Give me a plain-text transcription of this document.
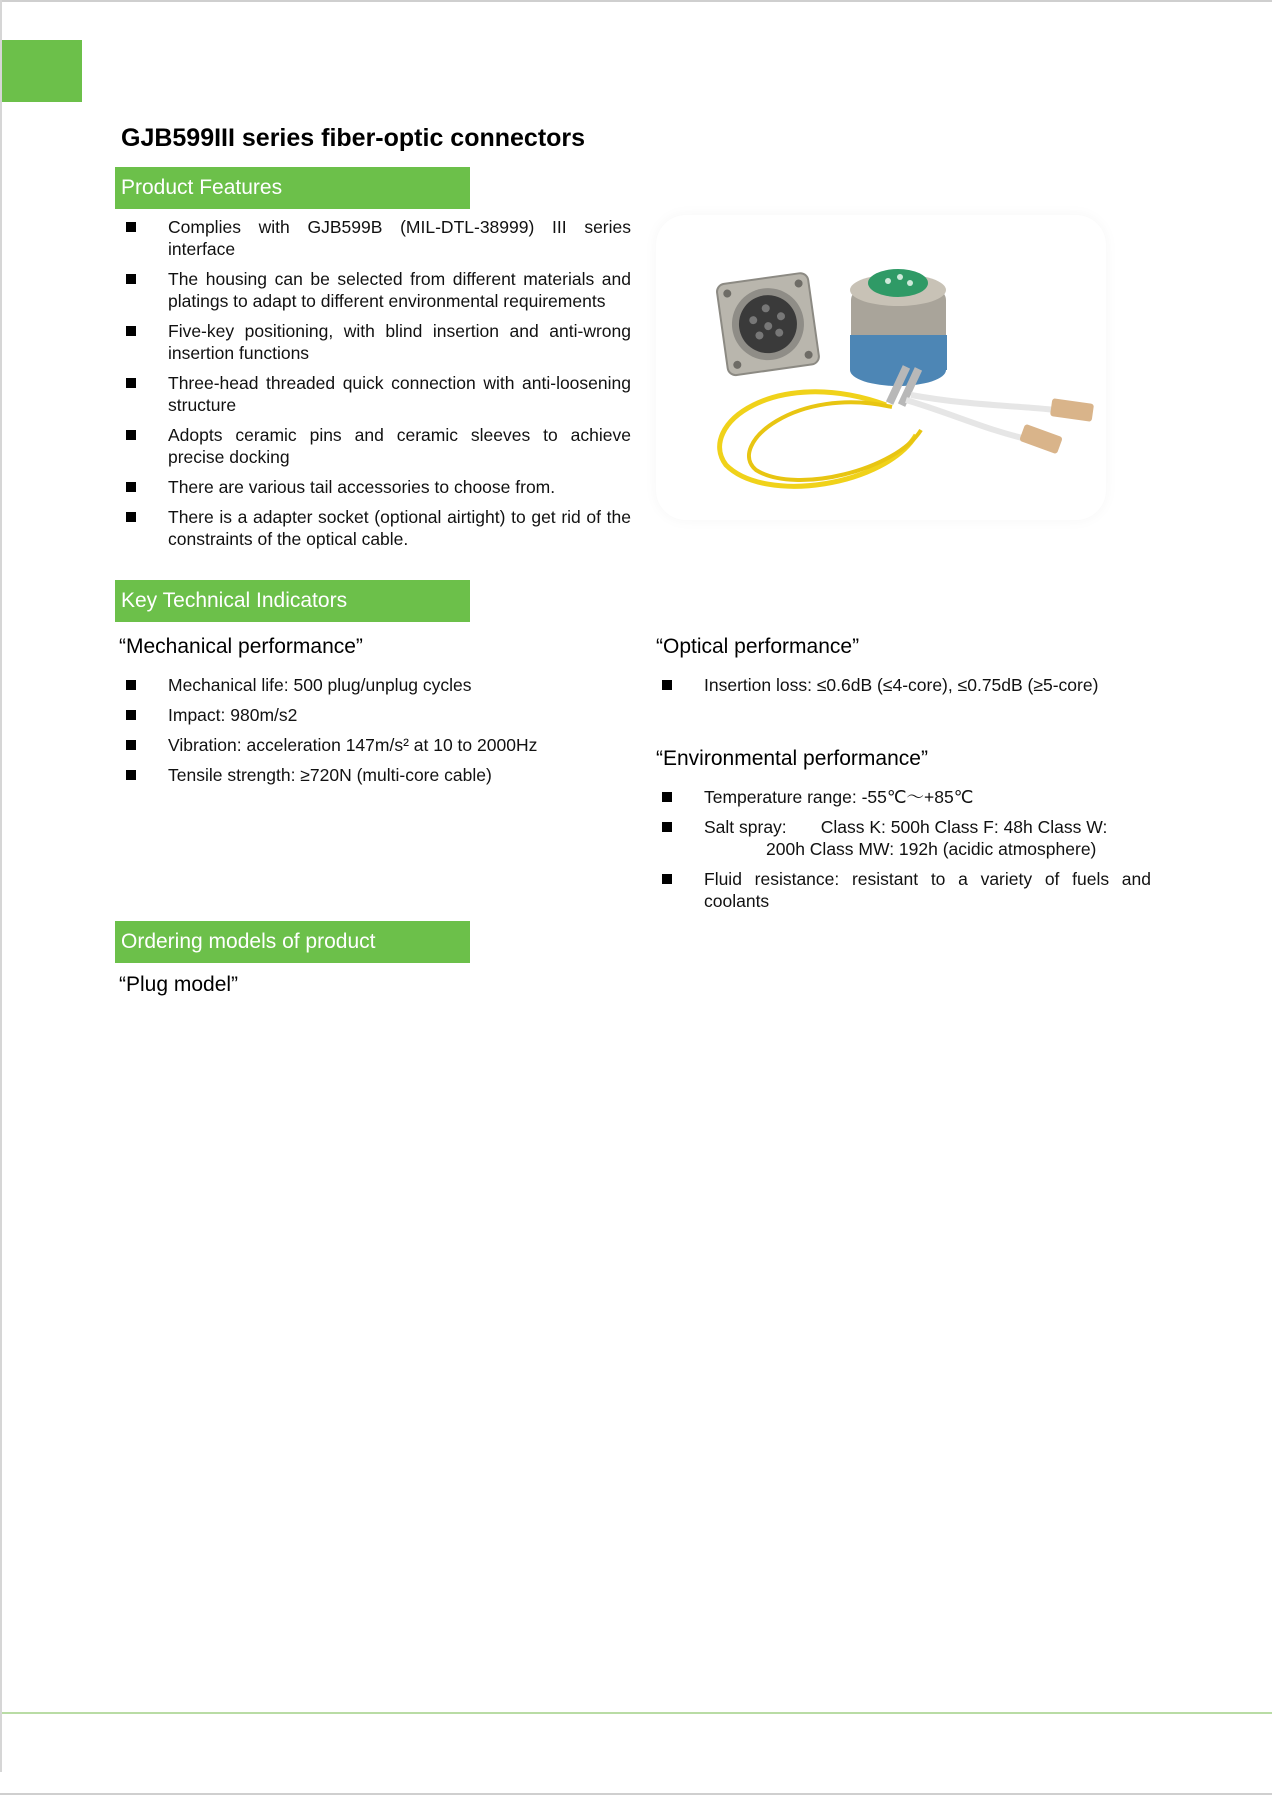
GJB599III series fiber-optic connectors
Product Features
Complies with GJB599B (MIL-DTL-38999) III series interface
The housing can be selected from different materials and platings to adapt to different environmental requirements
Five-key positioning, with blind insertion and anti-wrong insertion functions
Three-head threaded quick connection with anti-loosening structure
Adopts ceramic pins and ceramic sleeves to achieve precise docking
There are various tail accessories to choose from.
There is a adapter socket (optional airtight) to get rid of the constraints of the optical cable.
Key Technical Indicators
“Mechanical performance”
Mechanical life: 500 plug/unplug cycles
Impact: 980m/s2
Vibration: acceleration 147m/s² at 10 to 2000Hz
Tensile strength: ≥720N (multi-core cable)
“Optical performance”
Insertion loss: ≤0.6dB (≤4-core), ≤0.75dB (≥5-core)
“Environmental performance”
Temperature range: -55℃～+85℃
Salt spray: Class K: 500h Class F: 48h Class W:
200h Class MW: 192h (acidic atmosphere)
Fluid resistance: resistant to a variety of fuels and coolants
Ordering models of product
“Plug model”
